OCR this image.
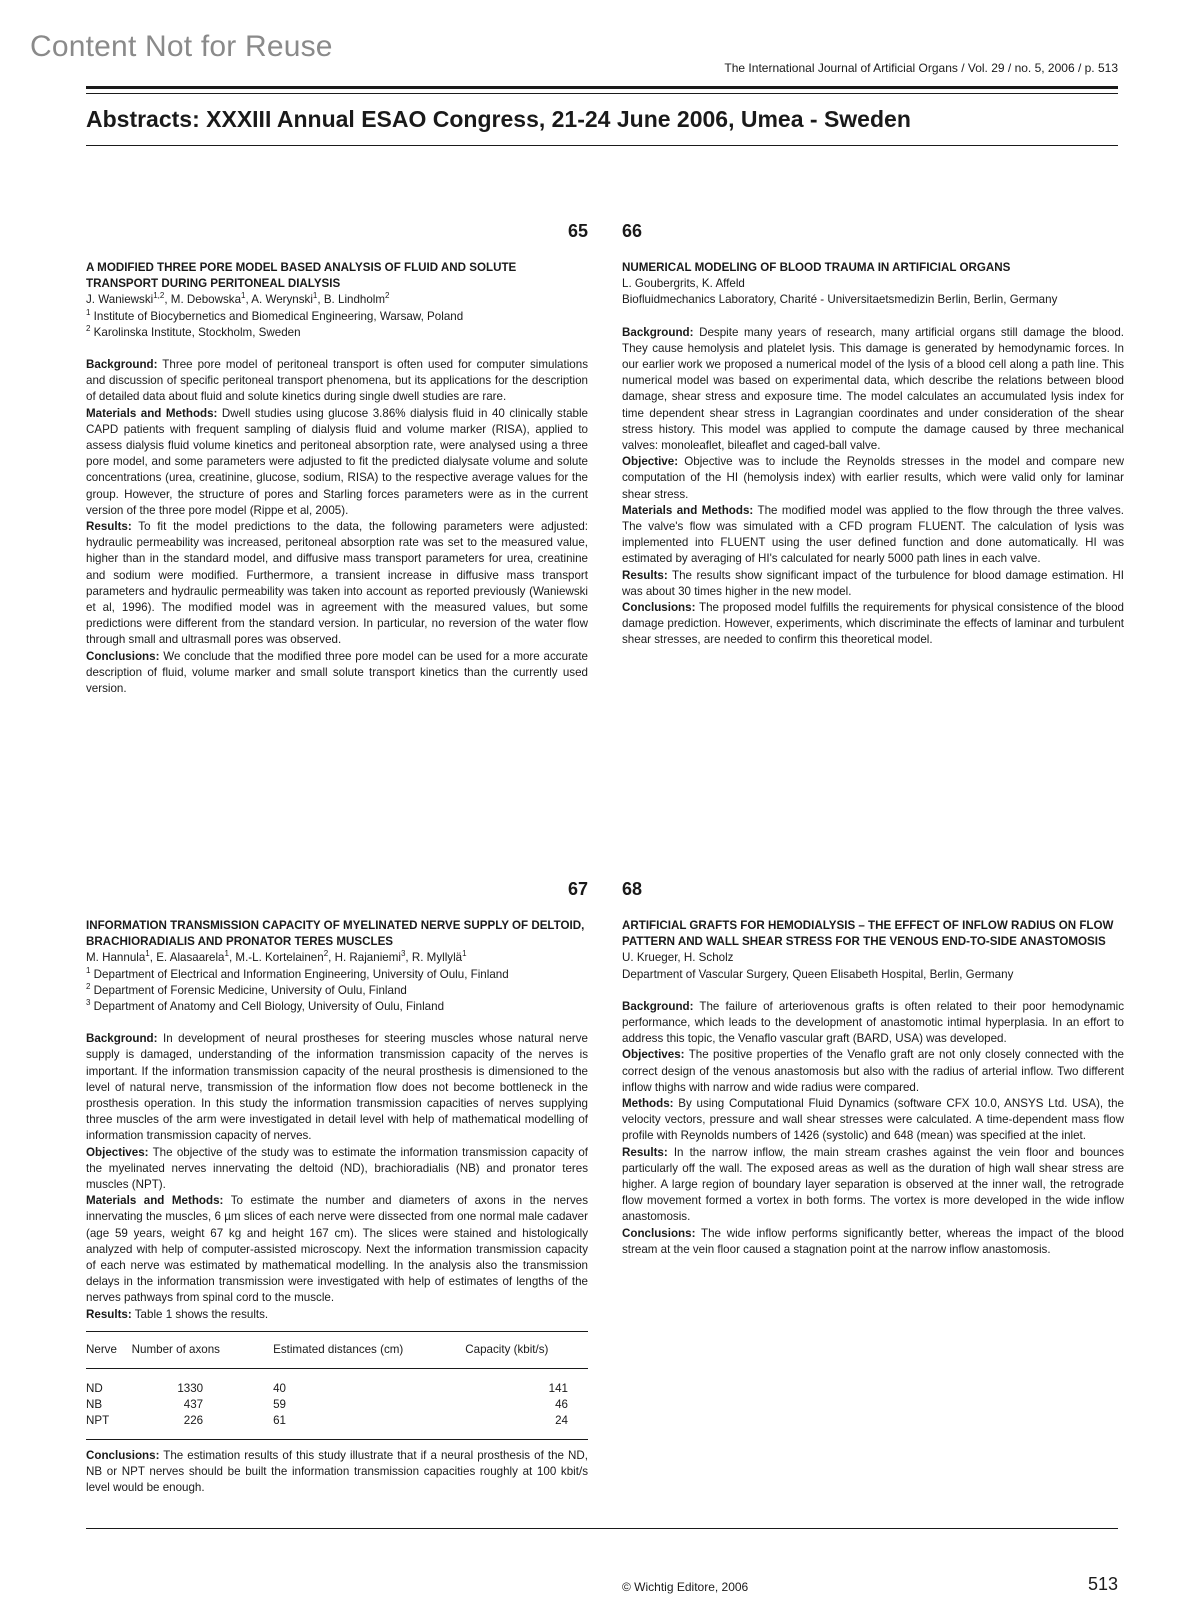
Content Not for Reuse
The International Journal of Artificial Organs / Vol. 29 / no. 5, 2006 / p. 513
Abstracts: XXXIII Annual ESAO Congress, 21-24 June 2006, Umea - Sweden
65
A MODIFIED THREE PORE MODEL BASED ANALYSIS OF FLUID AND SOLUTE TRANSPORT DURING PERITONEAL DIALYSIS
J. Waniewski$^{1,2}$, M. Debowska$^1$, A. Werynski$^1$, B. Lindholm$^2$
$^1$ Institute of Biocybernetics and Biomedical Engineering, Warsaw, Poland
$^2$ Karolinska Institute, Stockholm, Sweden

Background: Three pore model of peritoneal transport is often used for computer simulations and discussion of specific peritoneal transport phenomena, but its applications for the description of detailed data about fluid and solute kinetics during single dwell studies are rare.

Materials and Methods: Dwell studies using glucose 3.86% dialysis fluid in 40 clinically stable CAPD patients with frequent sampling of dialysis fluid and volume marker (RISA), applied to assess dialysis fluid volume kinetics and peritoneal absorption rate, were analysed using a three pore model, and some parameters were adjusted to fit the predicted dialysate volume and solute concentrations (urea, creatinine, glucose, sodium, RISA) to the respective average values for the group. However, the structure of pores and Starling forces parameters were as in the current version of the three pore model (Rippe et al, 2005).

Results: To fit the model predictions to the data, the following parameters were adjusted: hydraulic permeability was increased, peritoneal absorption rate was set to the measured value, higher than in the standard model, and diffusive mass transport parameters for urea, creatinine and sodium were modified. Furthermore, a transient increase in diffusive mass transport parameters and hydraulic permeability was taken into account as reported previously (Waniewski et al, 1996). The modified model was in agreement with the measured values, but some predictions were different from the standard version. In particular, no reversion of the water flow through small and ultrasmall pores was observed.

Conclusions: We conclude that the modified three pore model can be used for a more accurate description of fluid, volume marker and small solute transport kinetics than the currently used version.

66
NUMERICAL MODELING OF BLOOD TRAUMA IN ARTIFICIAL ORGANS
L. Goubergrits, K. Affeld
Biofluidmechanics Laboratory, Charité - Universitaetsmedizin Berlin, Berlin, Germany

Background: Despite many years of research, many artificial organs still damage the blood. They cause hemolysis and platelet lysis. This damage is generated by hemodynamic forces. In our earlier work we proposed a numerical model of the lysis of a blood cell along a path line. This numerical model was based on experimental data, which describe the relations between blood damage, shear stress and exposure time. The model calculates an accumulated lysis index for time dependent shear stress in Lagrangian coordinates and under consideration of the shear stress history. This model was applied to compute the damage caused by three mechanical valves: monoleaflet, bileaflet and caged-ball valve.

Objective: Objective was to include the Reynolds stresses in the model and compare new computation of the HI (hemolysis index) with earlier results, which were valid only for laminar shear stress.

Materials and Methods: The modified model was applied to the flow through the three valves. The valve's flow was simulated with a CFD program FLUENT. The calculation of lysis was implemented into FLUENT using the user defined function and done automatically. HI was estimated by averaging of HI's calculated for nearly 5000 path lines in each valve.

Results: The results show significant impact of the turbulence for blood damage estimation. HI was about 30 times higher in the new model.

Conclusions: The proposed model fulfills the requirements for physical consistence of the blood damage prediction. However, experiments, which discriminate the effects of laminar and turbulent shear stresses, are needed to confirm this theoretical model.

67
INFORMATION TRANSMISSION CAPACITY OF MYELINATED NERVE SUPPLY OF DELTOID, BRACHIORADIALIS AND PRONATOR TERES MUSCLES
M. Hannula$^1$, E. Alasaarela$^1$, M.-L. Kortelainen$^2$, H. Rajaniemi$^3$, R. Myllylä$^1$
$^1$ Department of Electrical and Information Engineering, University of Oulu, Finland
$^2$ Department of Forensic Medicine, University of Oulu, Finland
$^3$ Department of Anatomy and Cell Biology, University of Oulu, Finland

Background: In development of neural prostheses for steering muscles whose natural nerve supply is damaged, understanding of the information transmission capacity of the nerves is important. If the information transmission capacity of the neural prosthesis is dimensioned to the level of natural nerve, transmission of the information flow does not become bottleneck in the prosthesis operation. In this study the information transmission capacities of nerves supplying three muscles of the arm were investigated in detail level with help of mathematical modelling of information transmission capacity of nerves.

Objectives: The objective of the study was to estimate the information transmission capacity of the myelinated nerves innervating the deltoid (ND), brachioradialis (NB) and pronator teres muscles (NPT).

Materials and Methods: To estimate the number and diameters of axons in the nerves innervating the muscles, 6 µm slices of each nerve were dissected from one normal male cadaver (age 59 years, weight 67 kg and height 167 cm). The slices were stained and histologically analyzed with help of computer-assisted microscopy. Next the information transmission capacity of each nerve was estimated by mathematical modelling. In the analysis also the transmission delays in the information transmission were investigated with help of estimates of lengths of the nerves pathways from spinal cord to the muscle.

Results: Table 1 shows the results.

Nerve	Number of axons	Estimated distances (cm)	Capacity (kbit/s)
ND	1330	40	141
NB	437	59	46
NPT	226	61	24

Conclusions: The estimation results of this study illustrate that if a neural prosthesis of the ND, NB or NPT nerves should be built the information transmission capacities roughly at 100 kbit/s level would be enough.

68
ARTIFICIAL GRAFTS FOR HEMODIALYSIS – THE EFFECT OF INFLOW RADIUS ON FLOW PATTERN AND WALL SHEAR STRESS FOR THE VENOUS END-TO-SIDE ANASTOMOSIS
U. Krueger, H. Scholz
Department of Vascular Surgery, Queen Elisabeth Hospital, Berlin, Germany

Background: The failure of arteriovenous grafts is often related to their poor hemodynamic performance, which leads to the development of anastomotic intimal hyperplasia. In an effort to address this topic, the Venaflo vascular graft (BARD, USA) was developed.

Objectives: The positive properties of the Venaflo graft are not only closely connected with the correct design of the venous anastomosis but also with the radius of arterial inflow. Two different inflow thighs with narrow and wide radius were compared.

Methods: By using Computational Fluid Dynamics (software CFX 10.0, ANSYS Ltd. USA), the velocity vectors, pressure and wall shear stresses were calculated. A time-dependent mass flow profile with Reynolds numbers of 1426 (systolic) and 648 (mean) was specified at the inlet.

Results: In the narrow inflow, the main stream crashes against the vein floor and bounces particularly off the wall. The exposed areas as well as the duration of high wall shear stress are higher. A large region of boundary layer separation is observed at the inner wall, the retrograde flow movement formed a vortex in both forms. The vortex is more developed in the wide inflow anastomosis.

Conclusions: The wide inflow performs significantly better, whereas the impact of the blood stream at the vein floor caused a stagnation point at the narrow inflow anastomosis.

© Wichtig Editore, 2006	513
